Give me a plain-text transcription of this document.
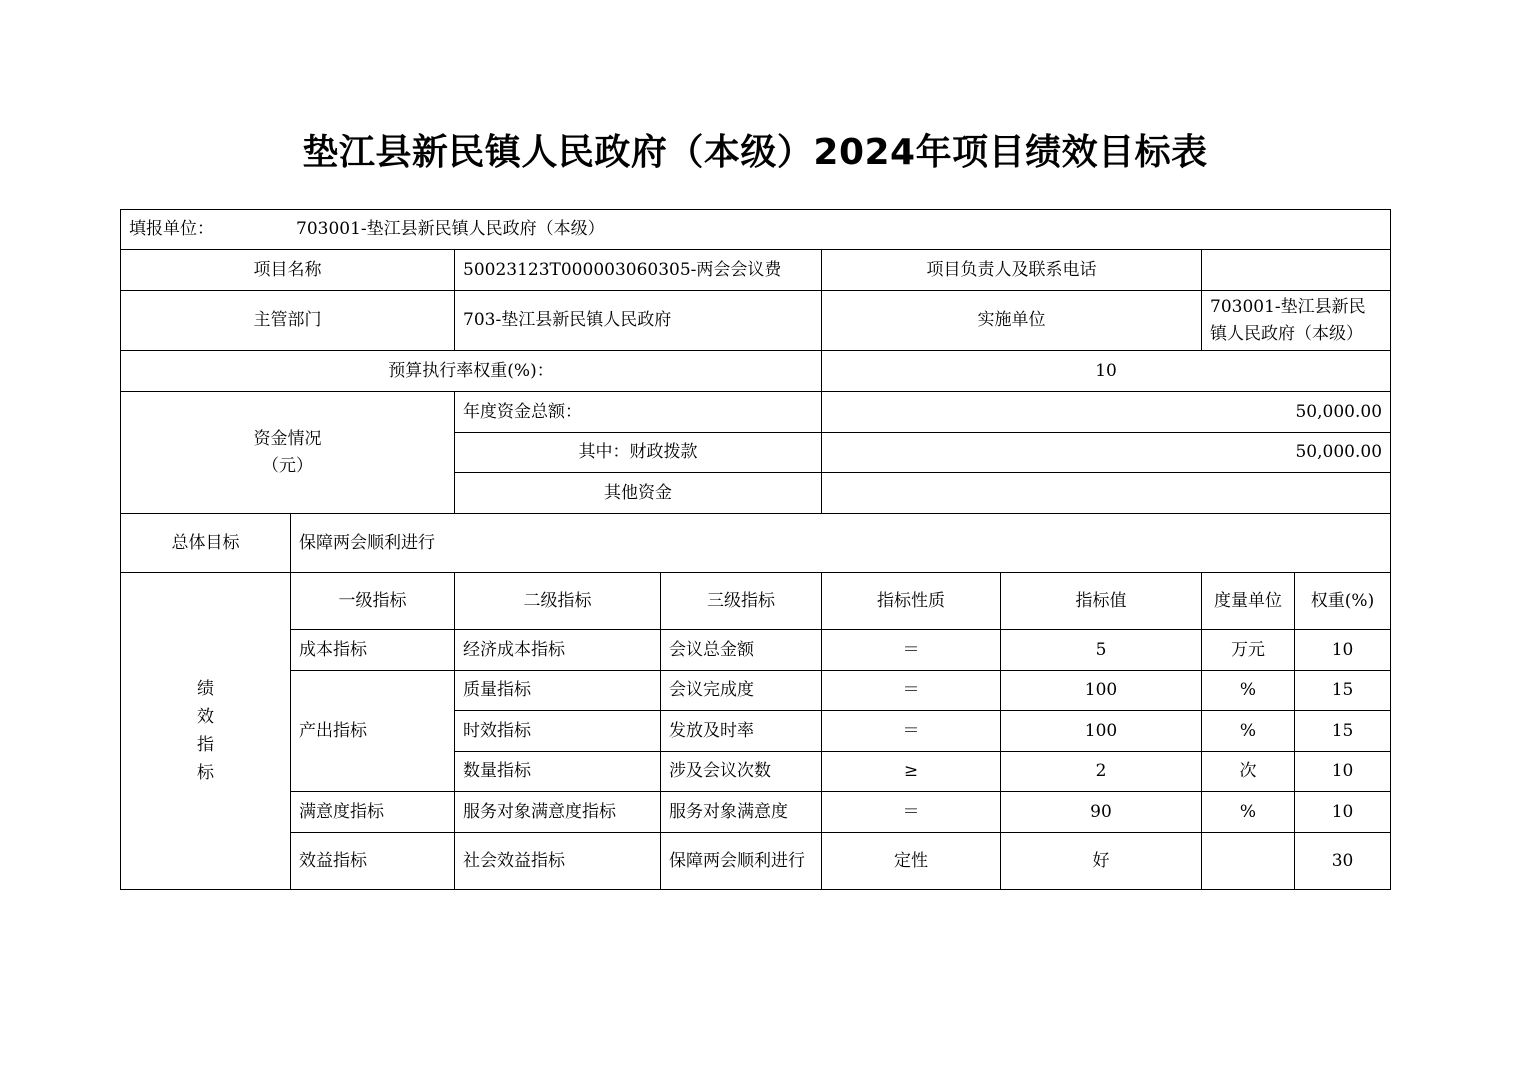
垫江县新民镇人民政府（本级）2024年项目绩效目标表
填报单位： 703001-垫江县新民镇人民政府（本级）							
项目名称		50023123T000003060305-两会会议费		项目负责人及联系电话			
主管部门		703-垫江县新民镇人民政府		实施单位		703001-垫江县新民镇人民政府（本级）	
预算执行率权重(%)：				10			

资金情况
（元）		年度资金总额：		50,000.00			
		其中：财政拨款		50,000.00			
		其他资金					
总体目标	保障两会顺利进行						

绩
效
指
标	一级指标	二级指标	三级指标	指标性质	指标值	度量单位	权重(%)
	成本指标	经济成本指标	会议总金额	＝	5	万元	10
	产出指标	质量指标	会议完成度	＝	100	%	15
		时效指标	发放及时率	＝	100	%	15
		数量指标	涉及会议次数	≥	2	次	10
	满意度指标	服务对象满意度指标	服务对象满意度	＝	90	%	10
	效益指标	社会效益指标	保障两会顺利进行	定性	好		30
